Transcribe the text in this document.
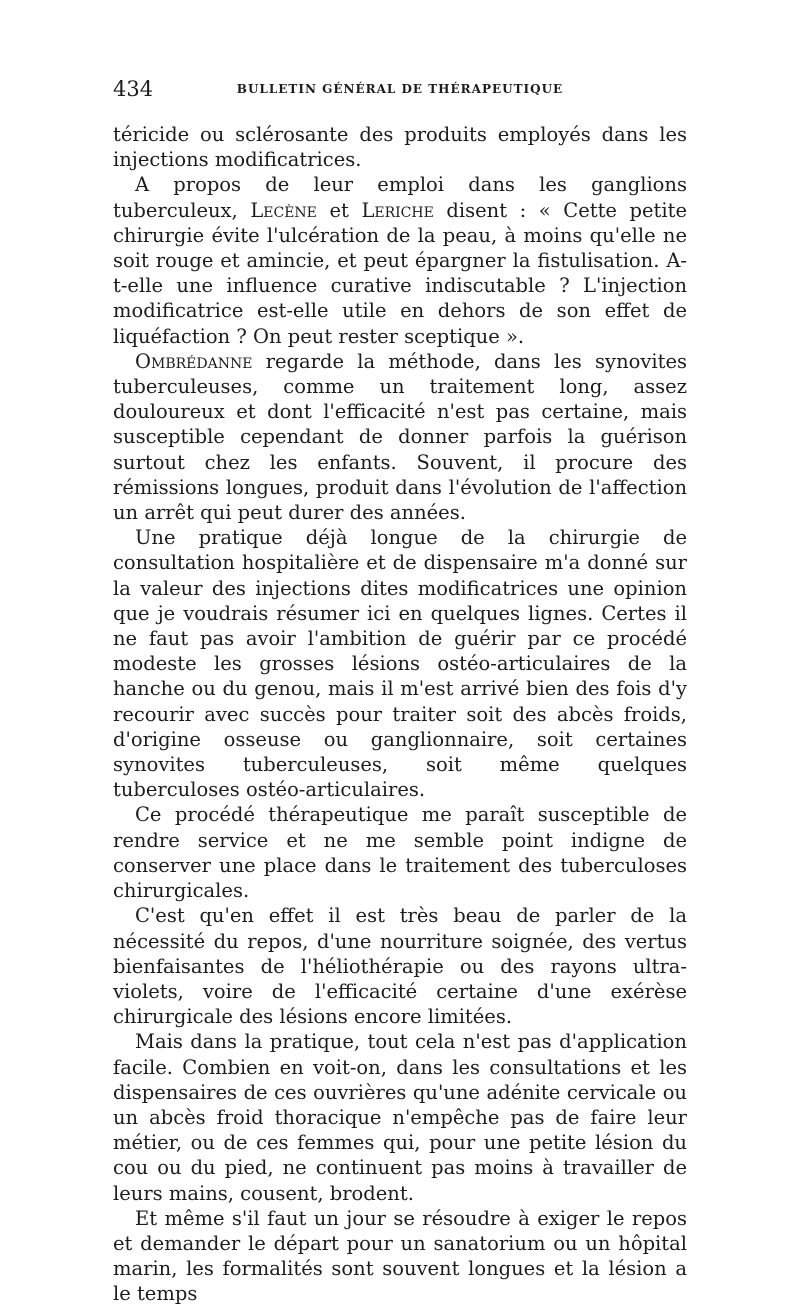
434	BULLETIN GÉNÉRAL DE THÉRAPEUTIQUE

téricide ou sclérosante des produits employés dans les injections modificatrices.

A propos de leur emploi dans les ganglions tuberculeux, Lecène et Leriche disent : « Cette petite chirurgie évite l'ulcération de la peau, à moins qu'elle ne soit rouge et amincie, et peut épargner la fistulisation. A-t-elle une influence curative indiscutable ? L'injection modificatrice est-elle utile en dehors de son effet de liquéfaction ? On peut rester sceptique ».

Ombrédanne regarde la méthode, dans les synovites tuberculeuses, comme un traitement long, assez douloureux et dont l'efficacité n'est pas certaine, mais susceptible cependant de donner parfois la guérison surtout chez les enfants. Souvent, il procure des rémissions longues, produit dans l'évolution de l'affection un arrêt qui peut durer des années.

Une pratique déjà longue de la chirurgie de consultation hospitalière et de dispensaire m'a donné sur la valeur des injections dites modificatrices une opinion que je voudrais résumer ici en quelques lignes. Certes il ne faut pas avoir l'ambition de guérir par ce procédé modeste les grosses lésions ostéo-articulaires de la hanche ou du genou, mais il m'est arrivé bien des fois d'y recourir avec succès pour traiter soit des abcès froids, d'origine osseuse ou ganglionnaire, soit certaines synovites tuberculeuses, soit même quelques tuberculoses ostéo-articulaires.

Ce procédé thérapeutique me paraît susceptible de rendre service et ne me semble point indigne de conserver une place dans le traitement des tuberculoses chirurgicales.

C'est qu'en effet il est très beau de parler de la nécessité du repos, d'une nourriture soignée, des vertus bienfaisantes de l'héliothérapie ou des rayons ultra-violets, voire de l'efficacité certaine d'une exérèse chirurgicale des lésions encore limitées.

Mais dans la pratique, tout cela n'est pas d'application facile. Combien en voit-on, dans les consultations et les dispensaires de ces ouvrières qu'une adénite cervicale ou un abcès froid thoracique n'empêche pas de faire leur métier, ou de ces femmes qui, pour une petite lésion du cou ou du pied, ne continuent pas moins à travailler de leurs mains, cousent, brodent.

Et même s'il faut un jour se résoudre à exiger le repos et demander le départ pour un sanatorium ou un hôpital marin, les formalités sont souvent longues et la lésion a le temps
